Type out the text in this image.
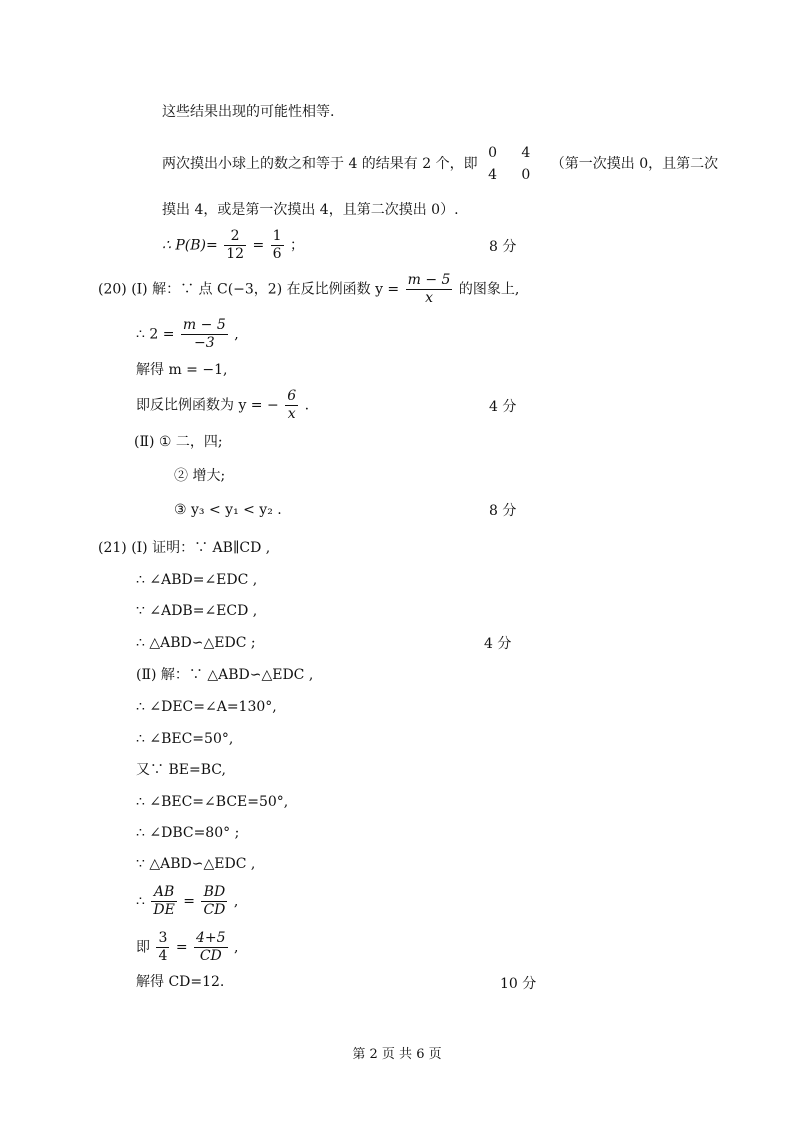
这些结果出现的可能性相等.
两次摸出小球上的数之和等于 4 的结果有 2 个，即
0 4
4 0
（第一次摸出 0，且第二次
摸出 4，或是第一次摸出 4，且第二次摸出 0）.
∴ $P(B)= \frac{2}{12} = \frac{1}{6}$ ；	8 分
(20) (Ⅰ) 解：∵ 点 C(−3，2) 在反比例函数 $y = \frac{m - 5}{x}$ 的图象上,
∴ $2 = \frac{m - 5}{-3}$ ,
解得 m = −1,
即反比例函数为 y = − $\frac{6}{x}$ .	4 分
(Ⅱ) ① 二，四;
② 增大;
③ y₃ < y₁ < y₂ .	8 分
(21) (Ⅰ) 证明：∵ AB∥CD ,
∴ ∠ABD=∠EDC ,
∵ ∠ADB=∠ECD ,
∴ △ABD∽△EDC ;	4 分
(Ⅱ) 解：∵ △ABD∽△EDC ,
∴ ∠DEC=∠A=130°,
∴ ∠BEC=50°,
又∵ BE=BC,
∴ ∠BEC=∠BCE=50°,
∴ ∠DBC=80° ;
∵ △ABD∽△EDC ,
∴ $\frac{AB}{DE} = \frac{BD}{CD}$ ,
即 $\frac{3}{4} = \frac{4+5}{CD}$ ,
解得 CD=12.	10 分
第 2 页 共 6 页
